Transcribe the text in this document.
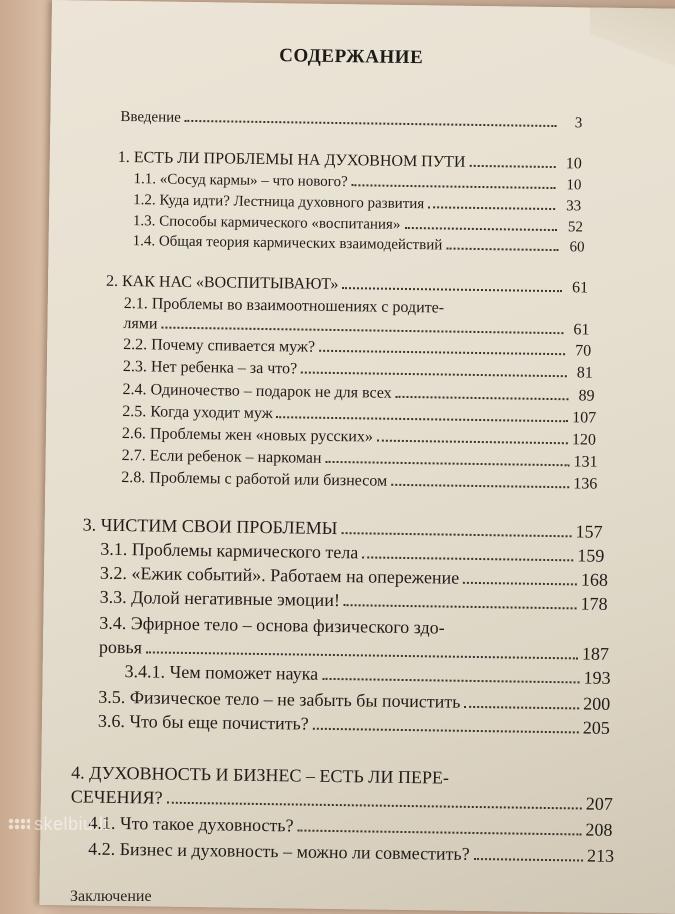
СОДЕРЖАНИЕ
Введение	3
1. ЕСТЬ ЛИ ПРОБЛЕМЫ НА ДУХОВНОМ ПУТИ	10
1.1. «Сосуд кармы» – что нового?	10
1.2. Куда идти? Лестница духовного развития	33
1.3. Способы кармического «воспитания»	52
1.4. Общая теория кармических взаимодействий	60
2. КАК НАС «ВОСПИТЫВАЮТ»	61
2.1. Проблемы во взаимоотношениях с родите-
лями	61
2.2. Почему спивается муж?	70
2.3. Нет ребенка – за что?	81
2.4. Одиночество – подарок не для всех	89
2.5. Когда уходит муж	107
2.6. Проблемы жен «новых русских»	120
2.7. Если ребенок – наркоман	131
2.8. Проблемы с работой или бизнесом	136
3. ЧИСТИМ СВОИ ПРОБЛЕМЫ	157
3.1. Проблемы кармического тела	159
3.2. «Ежик событий». Работаем на опережение	168
3.3. Долой негативные эмоции!	178
3.4. Эфирное тело – основа физического здо-
ровья	187
3.4.1. Чем поможет наука	193
3.5. Физическое тело – не забыть бы почистить	200
3.6. Что бы еще почистить?	205
4. ДУХОВНОСТЬ И БИЗНЕС – ЕСТЬ ЛИ ПЕРЕ-
СЕЧЕНИЯ?	207
4.1. Что такое духовность?	208
4.2. Бизнес и духовность – можно ли совместить?	213
Заключение
skelbiu.lt
